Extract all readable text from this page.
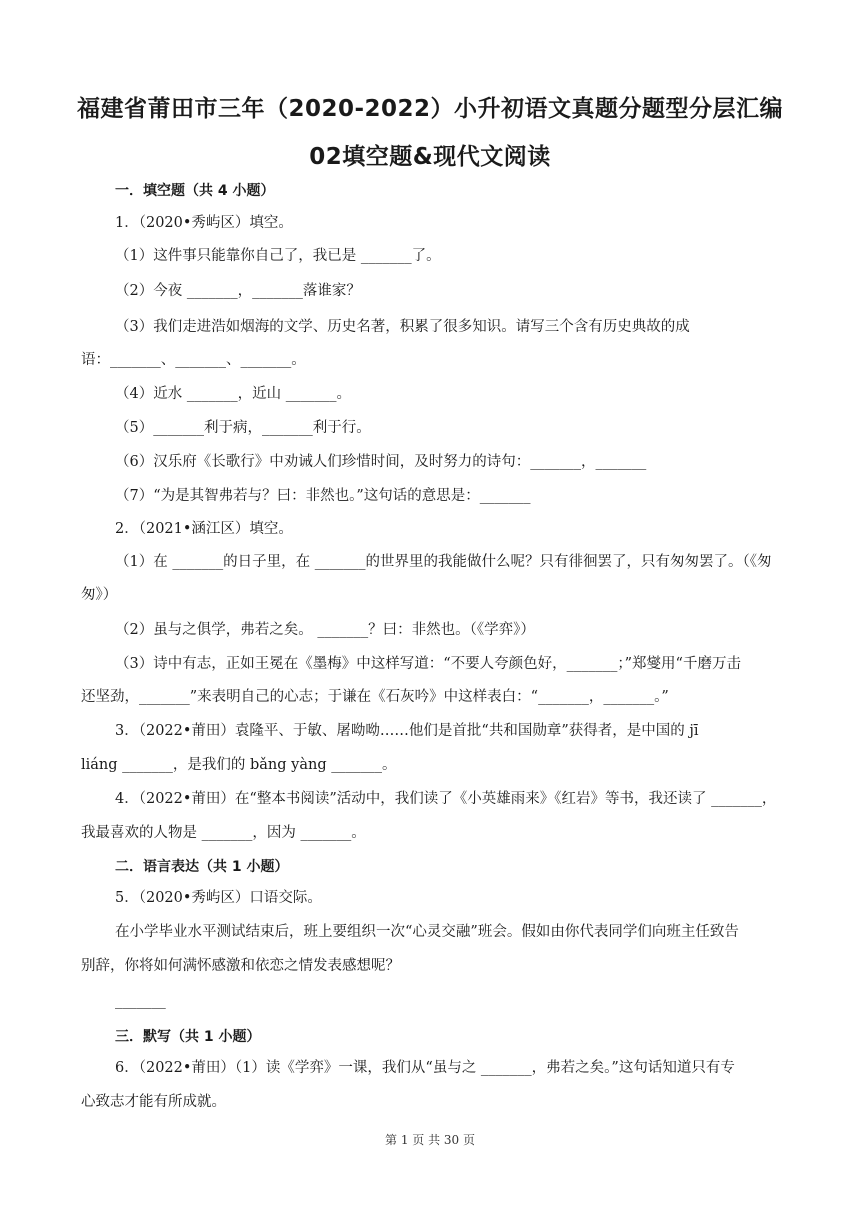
福建省莆田市三年（2020-2022）小升初语文真题分题型分层汇编
02填空题&现代文阅读
一．填空题（共 4 小题）
1．（2020•秀屿区）填空。
（1）这件事只能靠你自己了，我已是 _______了。
（2）今夜 _______，_______落谁家？
（3）我们走进浩如烟海的文学、历史名著，积累了很多知识。请写三个含有历史典故的成
语：_______、_______、_______。
（4）近水 _______，近山 _______。
（5）_______利于病，_______利于行。
（6）汉乐府《长歌行》中劝诫人们珍惜时间，及时努力的诗句：_______，_______
（7）“为是其智弗若与？曰：非然也。”这句话的意思是：_______
2．（2021•涵江区）填空。
（1）在 _______的日子里，在 _______的世界里的我能做什么呢？只有徘徊罢了，只有匆匆罢了。（《匆
匆》）
（2）虽与之俱学，弗若之矣。 _______？曰：非然也。（《学弈》）
（3）诗中有志，正如王冕在《墨梅》中这样写道：“不要人夸颜色好，_______；”郑燮用“千磨万击
还坚劲，_______”来表明自己的心志；于谦在《石灰吟》中这样表白：“_______，_______。”
3．（2022•莆田）袁隆平、于敏、屠呦呦……他们是首批“共和国勋章”获得者，是中国的 jī
liáng _______，是我们的 bǎng yàng _______。
4．（2022•莆田）在“整本书阅读”活动中，我们读了《小英雄雨来》《红岩》等书，我还读了 _______，
我最喜欢的人物是 _______，因为 _______。
二．语言表达（共 1 小题）
5．（2020•秀屿区）口语交际。
在小学毕业水平测试结束后，班上要组织一次“心灵交融”班会。假如由你代表同学们向班主任致告
别辞，你将如何满怀感激和依恋之情发表感想呢？
_______
三．默写（共 1 小题）
6．（2022•莆田）（1）读《学弈》一课，我们从“虽与之 _______，弗若之矣。”这句话知道只有专
心致志才能有所成就。
第 1 页 共 30 页
